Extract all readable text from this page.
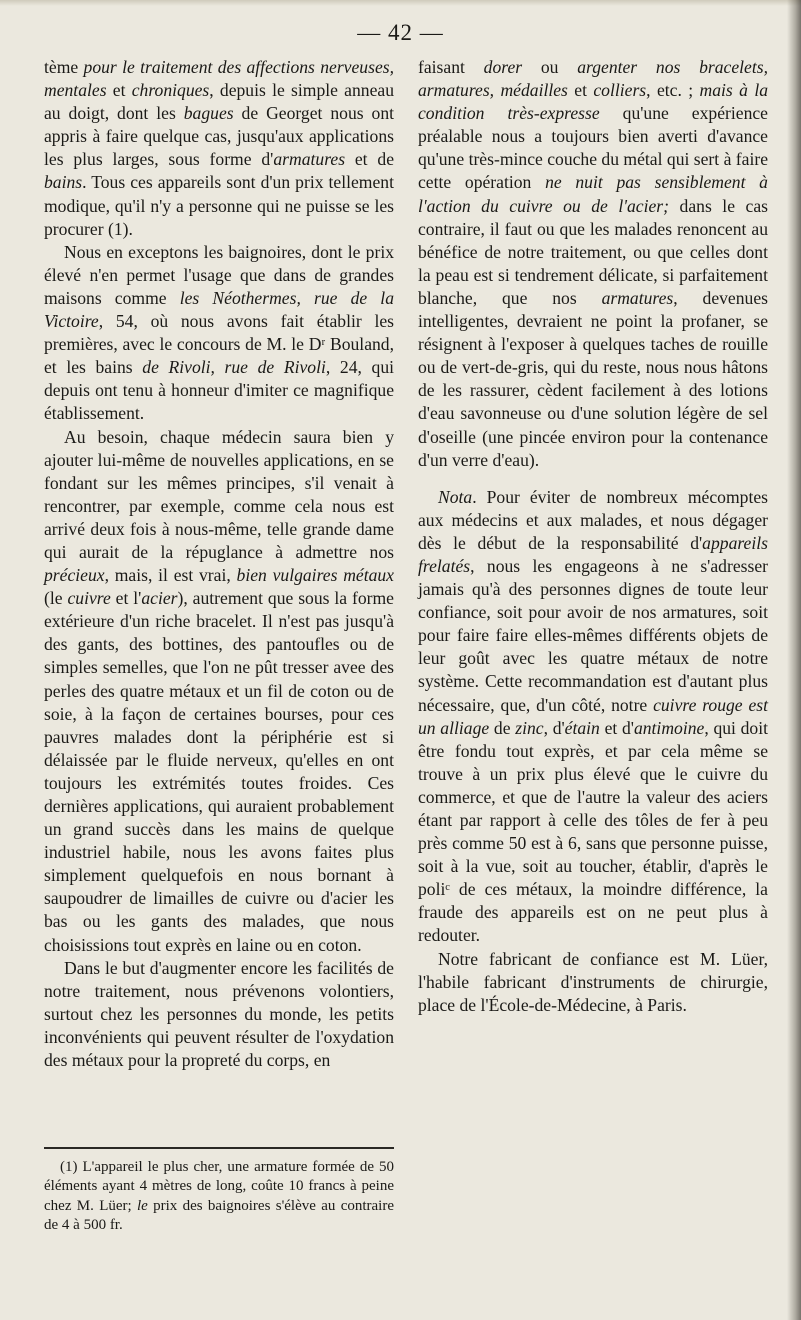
— 42 —

tème pour le traitement des affections nerveuses, mentales et chroniques, depuis le simple anneau au doigt, dont les bagues de Georget nous ont appris à faire quelque cas, jusqu'aux applications les plus larges, sous forme d'armatures et de bains. Tous ces appareils sont d'un prix tellement modique, qu'il n'y a personne qui ne puisse se les procurer (1).

Nous en exceptons les baignoires, dont le prix élevé n'en permet l'usage que dans de grandes maisons comme les Néothermes, rue de la Victoire, 54, où nous avons fait établir les premières, avec le concours de M. le Dʳ Bouland, et les bains de Rivoli, rue de Rivoli, 24, qui depuis ont tenu à honneur d'imiter ce magnifique établissement.

Au besoin, chaque médecin saura bien y ajouter lui-même de nouvelles applications, en se fondant sur les mêmes principes, s'il venait à rencontrer, par exemple, comme cela nous est arrivé deux fois à nous-même, telle grande dame qui aurait de la répuglance à admettre nos précieux, mais, il est vrai, bien vulgaires métaux (le cuivre et l'acier), autrement que sous la forme extérieure d'un riche bracelet. Il n'est pas jusqu'à des gants, des bottines, des pantoufles ou de simples semelles, que l'on ne pût tresser avee des perles des quatre métaux et un fil de coton ou de soie, à la façon de certaines bourses, pour ces pauvres malades dont la périphérie est si délaissée par le fluide nerveux, qu'elles en ont toujours les extrémités toutes froides. Ces dernières applications, qui auraient probablement un grand succès dans les mains de quelque industriel habile, nous les avons faites plus simplement quelquefois en nous bornant à saupoudrer de limailles de cuivre ou d'acier les bas ou les gants des malades, que nous choisissions tout exprès en laine ou en coton.

Dans le but d'augmenter encore les facilités de notre traitement, nous prévenons volontiers, surtout chez les personnes du monde, les petits inconvénients qui peuvent résulter de l'oxydation des métaux pour la propreté du corps, en

faisant dorer ou argenter nos bracelets, armatures, médailles et colliers, etc. ; mais à la condition très-expresse qu'une expérience préalable nous a toujours bien averti d'avance qu'une très-mince couche du métal qui sert à faire cette opération ne nuit pas sensiblement à l'action du cuivre ou de l'acier; dans le cas contraire, il faut ou que les malades renoncent au bénéfice de notre traitement, ou que celles dont la peau est si tendrement délicate, si parfaitement blanche, que nos armatures, devenues intelligentes, devraient ne point la profaner, se résignent à l'exposer à quelques taches de rouille ou de vert-de-gris, qui du reste, nous nous hâtons de les rassurer, cèdent facilement à des lotions d'eau savonneuse ou d'une solution légère de sel d'oseille (une pincée environ pour la contenance d'un verre d'eau).

Nota. Pour éviter de nombreux mécomptes aux médecins et aux malades, et nous dégager dès le début de la responsabilité d'appareils frelatés, nous les engageons à ne s'adresser jamais qu'à des personnes dignes de toute leur confiance, soit pour avoir de nos armatures, soit pour faire faire elles-mêmes différents objets de leur goût avec les quatre métaux de notre système. Cette recommandation est d'autant plus nécessaire, que, d'un côté, notre cuivre rouge est un alliage de zinc, d'étain et d'antimoine, qui doit être fondu tout exprès, et par cela même se trouve à un prix plus élevé que le cuivre du commerce, et que de l'autre la valeur des aciers étant par rapport à celle des tôles de fer à peu près comme 50 est à 6, sans que personne puisse, soit à la vue, soit au toucher, établir, d'après le poliᶜ de ces métaux, la moindre différence, la fraude des appareils est on ne peut plus à redouter.

Notre fabricant de confiance est M. Lüer, l'habile fabricant d'instruments de chirurgie, place de l'École-de-Médecine, à Paris.

(1) L'appareil le plus cher, une armature formée de 50 éléments ayant 4 mètres de long, coûte 10 francs à peine chez M. Lüer; le prix des baignoires s'élève au contraire de 4 à 500 fr.
